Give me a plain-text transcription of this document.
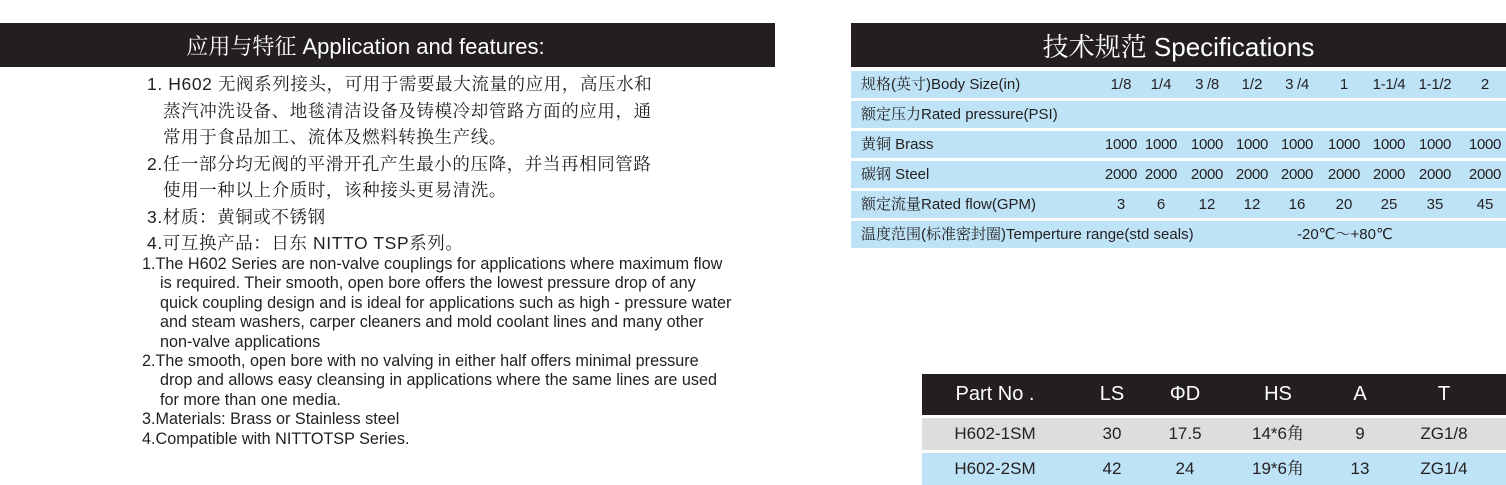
应用与特征 Application and features:
1. H602 无阀系列接头，可用于需要最大流量的应用，高压水和
蒸汽冲洗设备、地毯清洁设备及铸模冷却管路方面的应用，通
常用于食品加工、流体及燃料转换生产线。
2.任一部分均无阀的平滑开孔产生最小的压降，并当再相同管路
使用一种以上介质时，该种接头更易清洗。
3.材质：黄铜或不锈钢
4.可互换产品：日东 NITTO TSP系列。
1.The H602 Series are non-valve couplings for applications where maximum flow is required. Their smooth, open bore offers the lowest pressure drop of any quick coupling design and is ideal for applications such as high - pressure water and steam washers, carper cleaners and mold coolant lines and many other non-valve applications
2.The smooth, open bore with no valving in either half offers minimal pressure drop and allows easy cleansing in applications where the same lines are used for more than one media.
3.Materials: Brass or Stainless steel
4.Compatible with NITTOTSP Series.
技术规范 Specifications
规格(英寸)Body Size(in)	1/8	1/4	3 /8	1/2	3 /4	1	1-1/4 1-1/2	2
额定压力Rated pressure(PSI)
黄铜 Brass	1000 1000 1000 1000 1000 1000 1000 1000 1000
碳钢 Steel	2000 2000 2000 2000 2000 2000 2000 2000 2000
额定流量Rated flow(GPM)	3	6	12	12	16	20	25	35	45
温度范围(标准密封圈)Temperture range(std seals)	-20℃～+80℃
Part No .	LS	ΦD	HS	A	T
H602-1SM	30	17.5	14*6角	9	ZG1/8
H602-2SM	42	24	19*6角	13	ZG1/4
